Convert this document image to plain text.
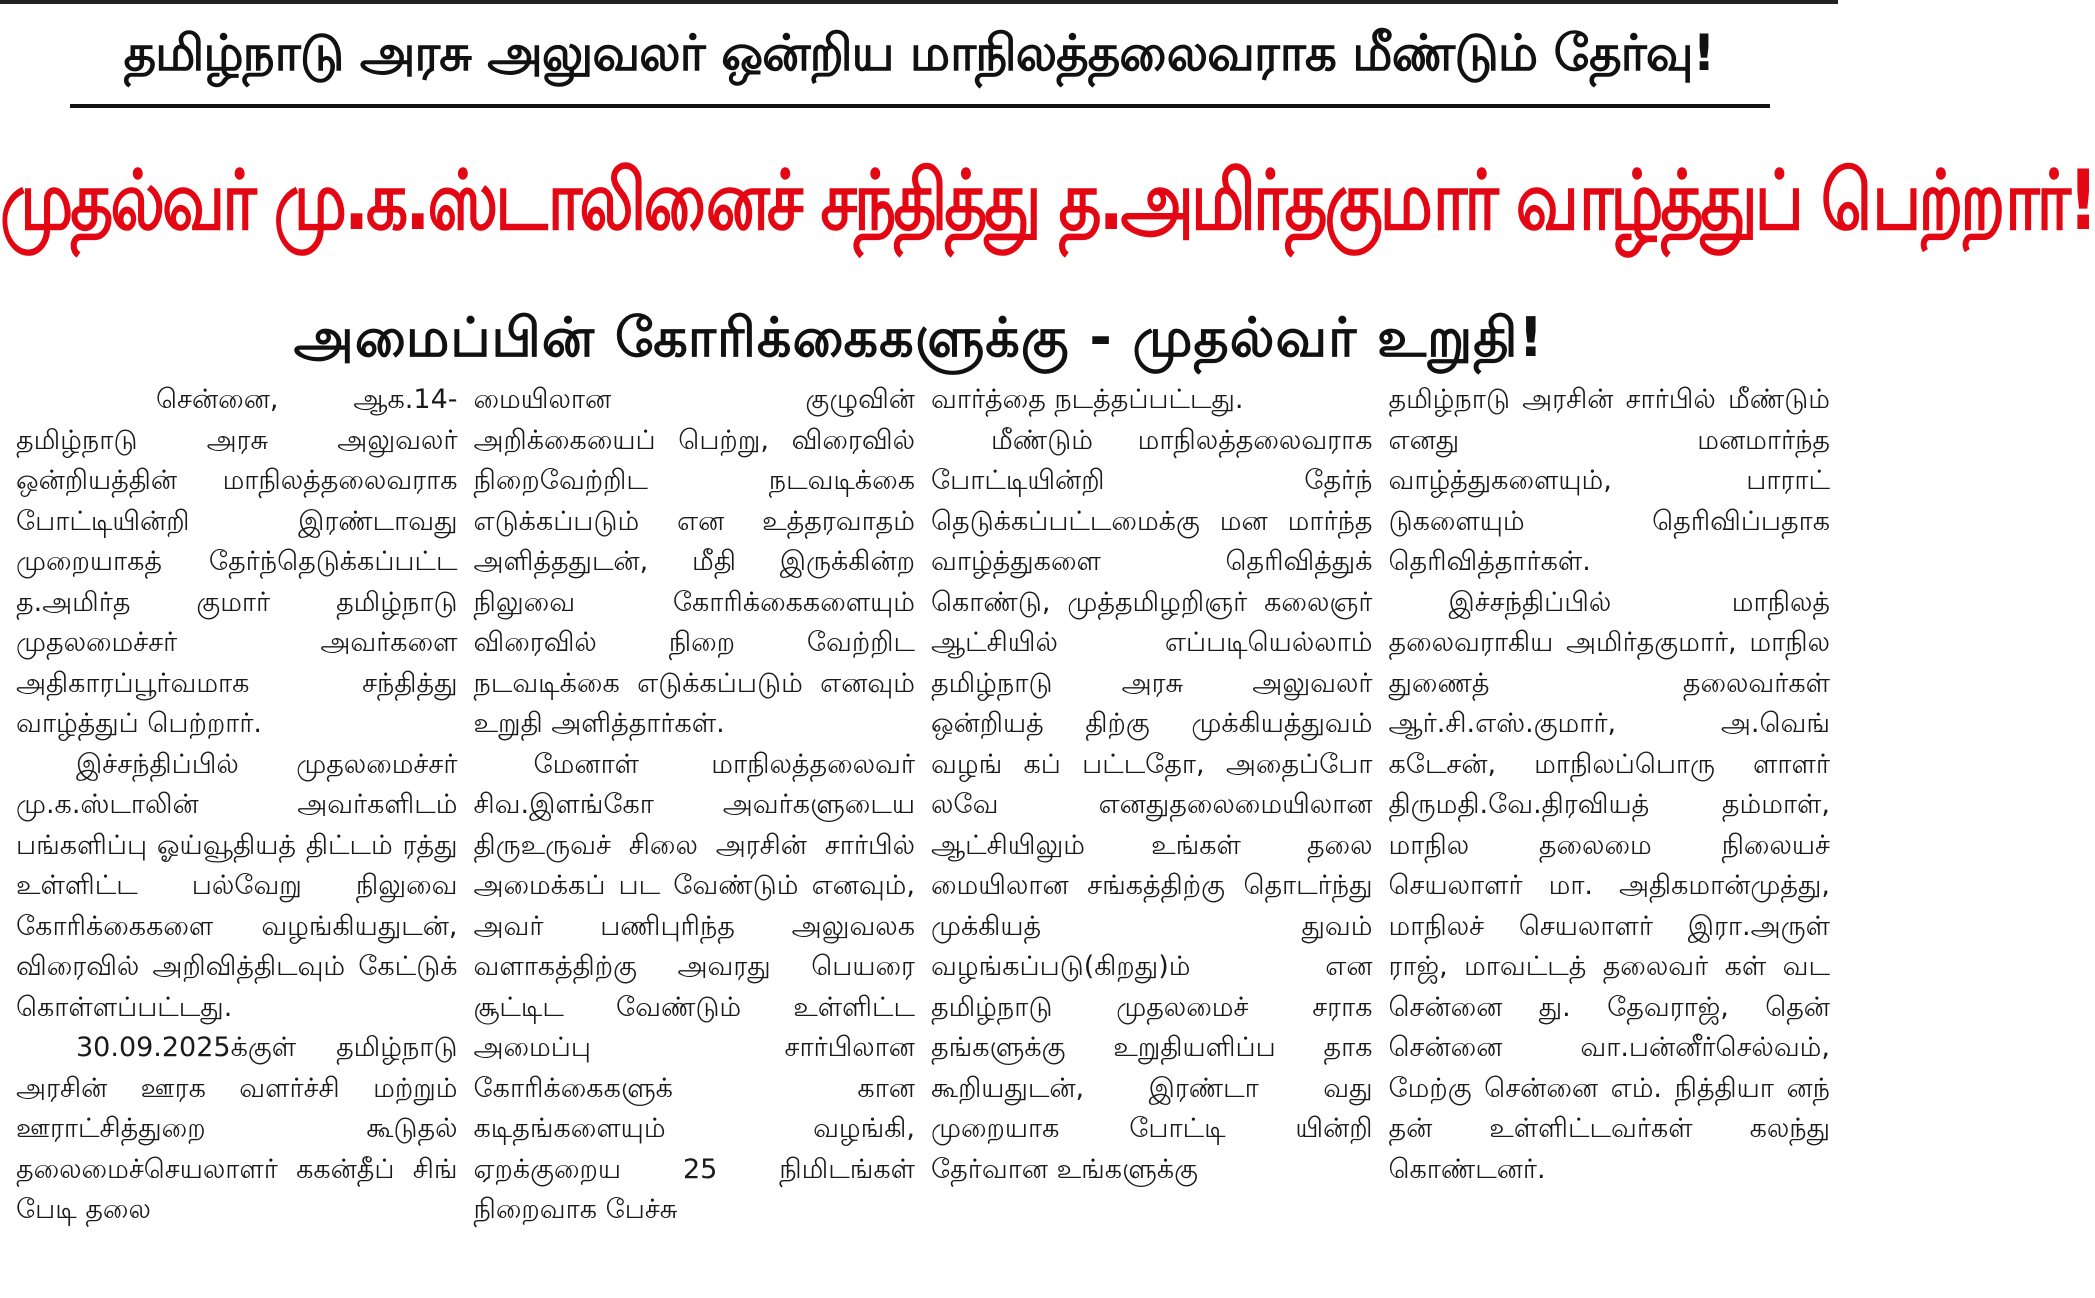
தமிழ்நாடு அரசு அலுவலர் ஒன்றிய மாநிலத்தலைவராக மீண்டும் தேர்வு!
முதல்வர் மு.க.ஸ்டாலினைச் சந்தித்து த.அமிர்தகுமார் வாழ்த்துப் பெற்றார்!
அமைப்பின் கோரிக்கைகளுக்கு - முதல்வர் உறுதி!

சென்னை, ஆக.14- தமிழ்நாடு அரசு அலுவலர் ஒன்றியத்தின் மாநிலத்தலைவராக போட்டியின்றி இரண்டாவது முறையாகத் தேர்ந்தெடுக்கப்பட்ட த.அமிர்த குமார் தமிழ்நாடு முதலமைச்சர் அவர்களை அதிகாரப்பூர்வமாக சந்தித்து வாழ்த்துப் பெற்றார்.

இச்சந்திப்பில் முதலமைச்சர் மு.க.ஸ்டாலின் அவர்களிடம் பங்களிப்பு ஓய்வூதியத் திட்டம் ரத்து உள்ளிட்ட பல்வேறு நிலுவை கோரிக்கைகளை வழங்கியதுடன், விரைவில் அறிவித்திடவும் கேட்டுக் கொள்ளப்பட்டது.

30.09.2025க்குள் தமிழ்நாடு அரசின் ஊரக வளர்ச்சி மற்றும் ஊராட்சித்துறை கூடுதல் தலைமைச்செயலாளர் ககன்தீப் சிங் பேடி தலை

மையிலான குழுவின் அறிக்கையைப் பெற்று, விரைவில் நிறைவேற்றிட நடவடிக்கை எடுக்கப்படும் என உத்தரவாதம் அளித்ததுடன், மீதி இருக்கின்ற நிலுவை கோரிக்கைகளையும் விரைவில் நிறை வேற்றிட நடவடிக்கை எடுக்கப்படும் எனவும் உறுதி அளித்தார்கள்.

மேனாள் மாநிலத்தலைவர் சிவ.இளங்கோ அவர்களுடைய திருஉருவச் சிலை அரசின் சார்பில் அமைக்கப் பட வேண்டும் எனவும், அவர் பணிபுரிந்த அலுவலக வளாகத்திற்கு அவரது பெயரை சூட்டிட வேண்டும் உள்ளிட்ட அமைப்பு சார்பிலான கோரிக்கைகளுக் கான கடிதங்களையும் வழங்கி, ஏறக்குறைய 25 நிமிடங்கள் நிறைவாக பேச்சு

வார்த்தை நடத்தப்பட்டது.

மீண்டும் மாநிலத்தலைவராக போட்டியின்றி தேர்ந் தெடுக்கப்பட்டமைக்கு மன மார்ந்த வாழ்த்துகளை தெரிவித்துக் கொண்டு, முத்தமிழறிஞர் கலைஞர் ஆட்சியில் எப்படியெல்லாம் தமிழ்நாடு அரசு அலுவலர் ஒன்றியத் திற்கு முக்கியத்துவம் வழங் கப் பட்டதோ, அதைப்போ லவே எனதுதலைமையிலான ஆட்சியிலும் உங்கள் தலை மையிலான சங்கத்திற்கு தொடர்ந்து முக்கியத் துவம் வழங்கப்படு(கிறது)ம் என தமிழ்நாடு முதலமைச் சராக தங்களுக்கு உறுதியளிப்ப தாக கூறியதுடன், இரண்டா வது முறையாக போட்டி யின்றி தேர்வான உங்களுக்கு

தமிழ்நாடு அரசின் சார்பில் மீண்டும் எனது மனமார்ந்த வாழ்த்துகளையும், பாராட் டுகளையும் தெரிவிப்பதாக தெரிவித்தார்கள்.

இச்சந்திப்பில் மாநிலத் தலைவராகிய அமிர்தகுமார், மாநில துணைத் தலைவர்கள் ஆர்.சி.எஸ்.குமார், அ.வெங் கடேசன், மாநிலப்பொரு ளாளர் திருமதி.வே.திரவியத் தம்மாள், மாநில தலைமை நிலையச் செயலாளர் மா. அதிகமான்முத்து, மாநிலச் செயலாளர் இரா.அருள் ராஜ், மாவட்டத் தலைவர் கள் வட சென்னை து. தேவராஜ், தென் சென்னை வா.பன்னீர்செல்வம், மேற்கு சென்னை எம். நித்தியா னந் தன் உள்ளிட்டவர்கள் கலந்து கொண்டனர்.
